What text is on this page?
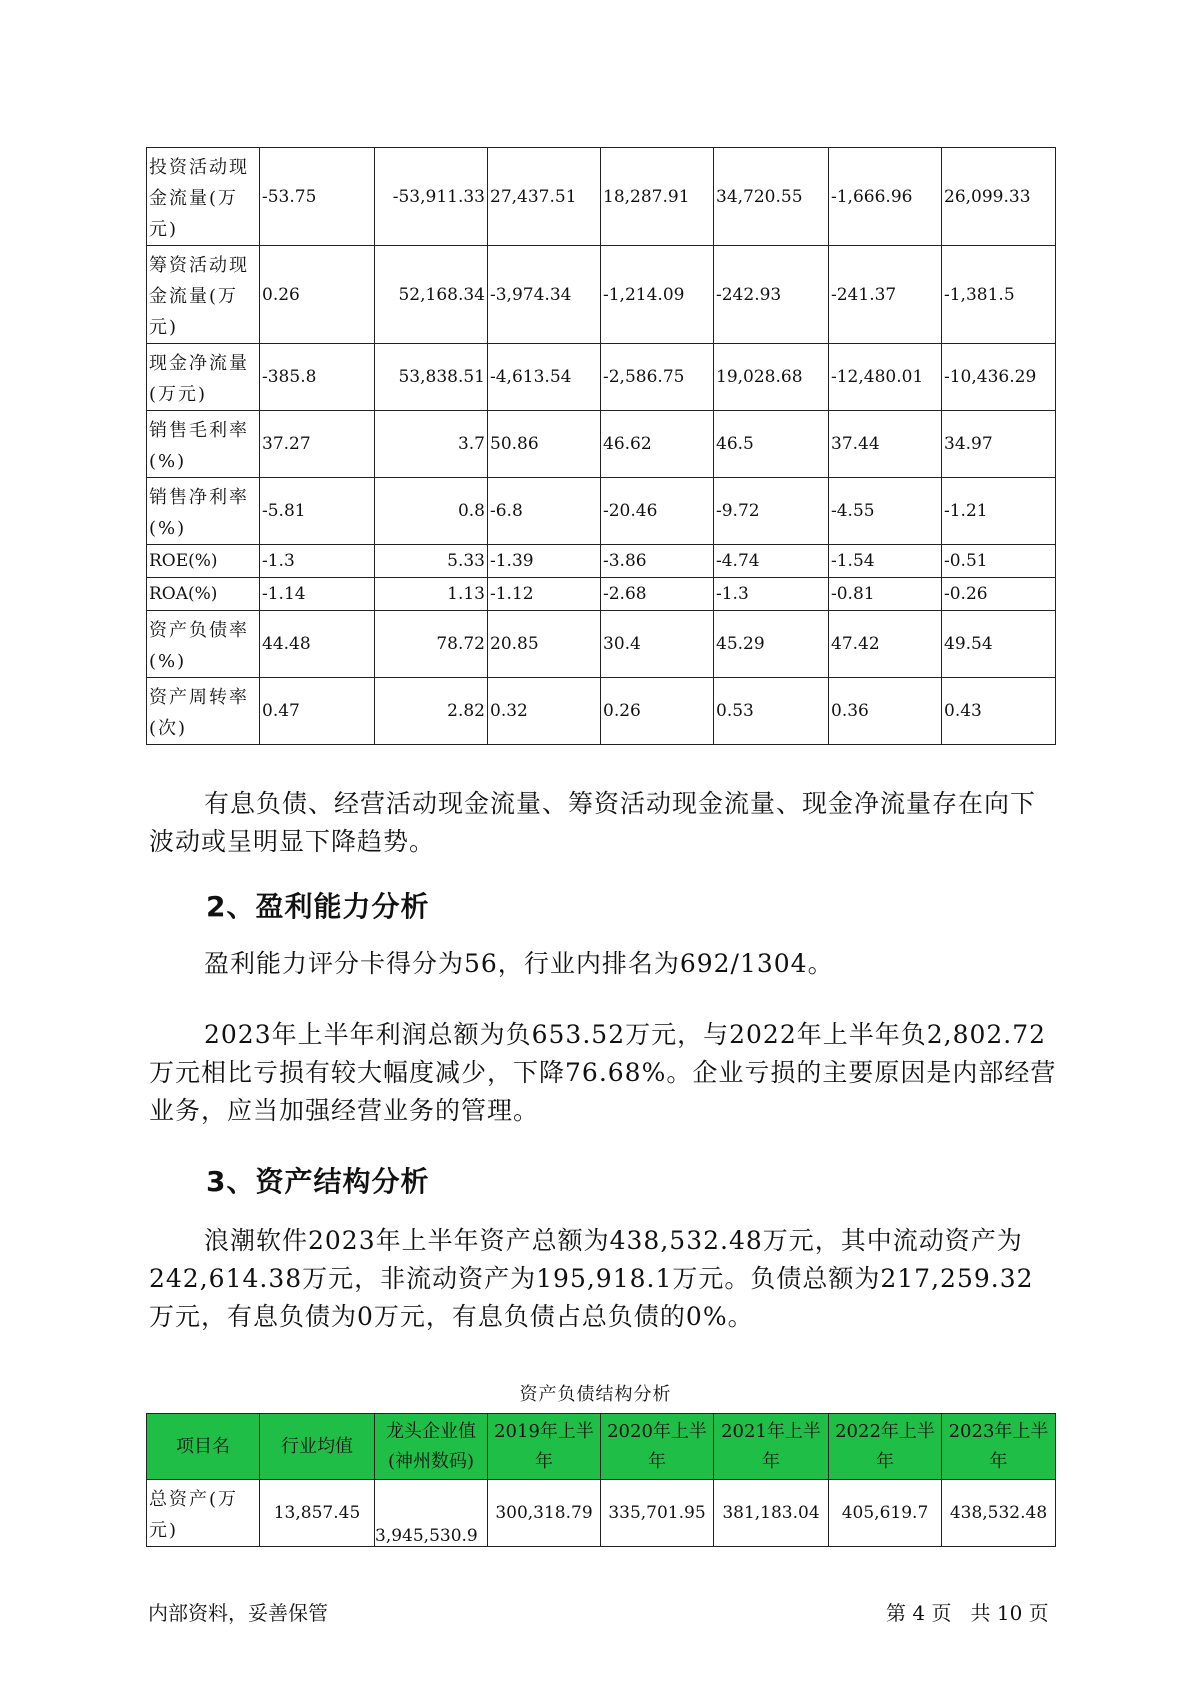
投资活动现金流量(万元)	-53.75	-53,911.33	27,437.51	18,287.91	34,720.55	-1,666.96	26,099.33
筹资活动现金流量(万元)	0.26	52,168.34	-3,974.34	-1,214.09	-242.93	-241.37	-1,381.5
现金净流量(万元)	-385.8	53,838.51	-4,613.54	-2,586.75	19,028.68	-12,480.01	-10,436.29
销售毛利率(%)	37.27	3.7	50.86	46.62	46.5	37.44	34.97
销售净利率(%)	-5.81	0.8	-6.8	-20.46	-9.72	-4.55	-1.21
ROE(%)	-1.3	5.33	-1.39	-3.86	-4.74	-1.54	-0.51
ROA(%)	-1.14	1.13	-1.12	-2.68	-1.3	-0.81	-0.26
资产负债率(%)	44.48	78.72	20.85	30.4	45.29	47.42	49.54
资产周转率(次)	0.47	2.82	0.32	0.26	0.53	0.36	0.43
有息负债、经营活动现金流量、筹资活动现金流量、现金净流量存在向下波动或呈明显下降趋势。
2、盈利能力分析
盈利能力评分卡得分为56，行业内排名为692/1304。
2023年上半年利润总额为负653.52万元，与2022年上半年负2,802.72万元相比亏损有较大幅度减少，下降76.68%。企业亏损的主要原因是内部经营业务，应当加强经营业务的管理。
3、资产结构分析
浪潮软件2023年上半年资产总额为438,532.48万元，其中流动资产为242,614.38万元，非流动资产为195,918.1万元。负债总额为217,259.32万元，有息负债为0万元，有息负债占总负债的0%。
资产负债结构分析
项目名	行业均值	龙头企业值(神州数码)	2019年上半年	2020年上半年	2021年上半年	2022年上半年	2023年上半年
总资产(万元)	13,857.45	3,945,530.9	300,318.79	335,701.95	381,183.04	405,619.7	438,532.48
内部资料，妥善保管	第 4 页   共 10 页
